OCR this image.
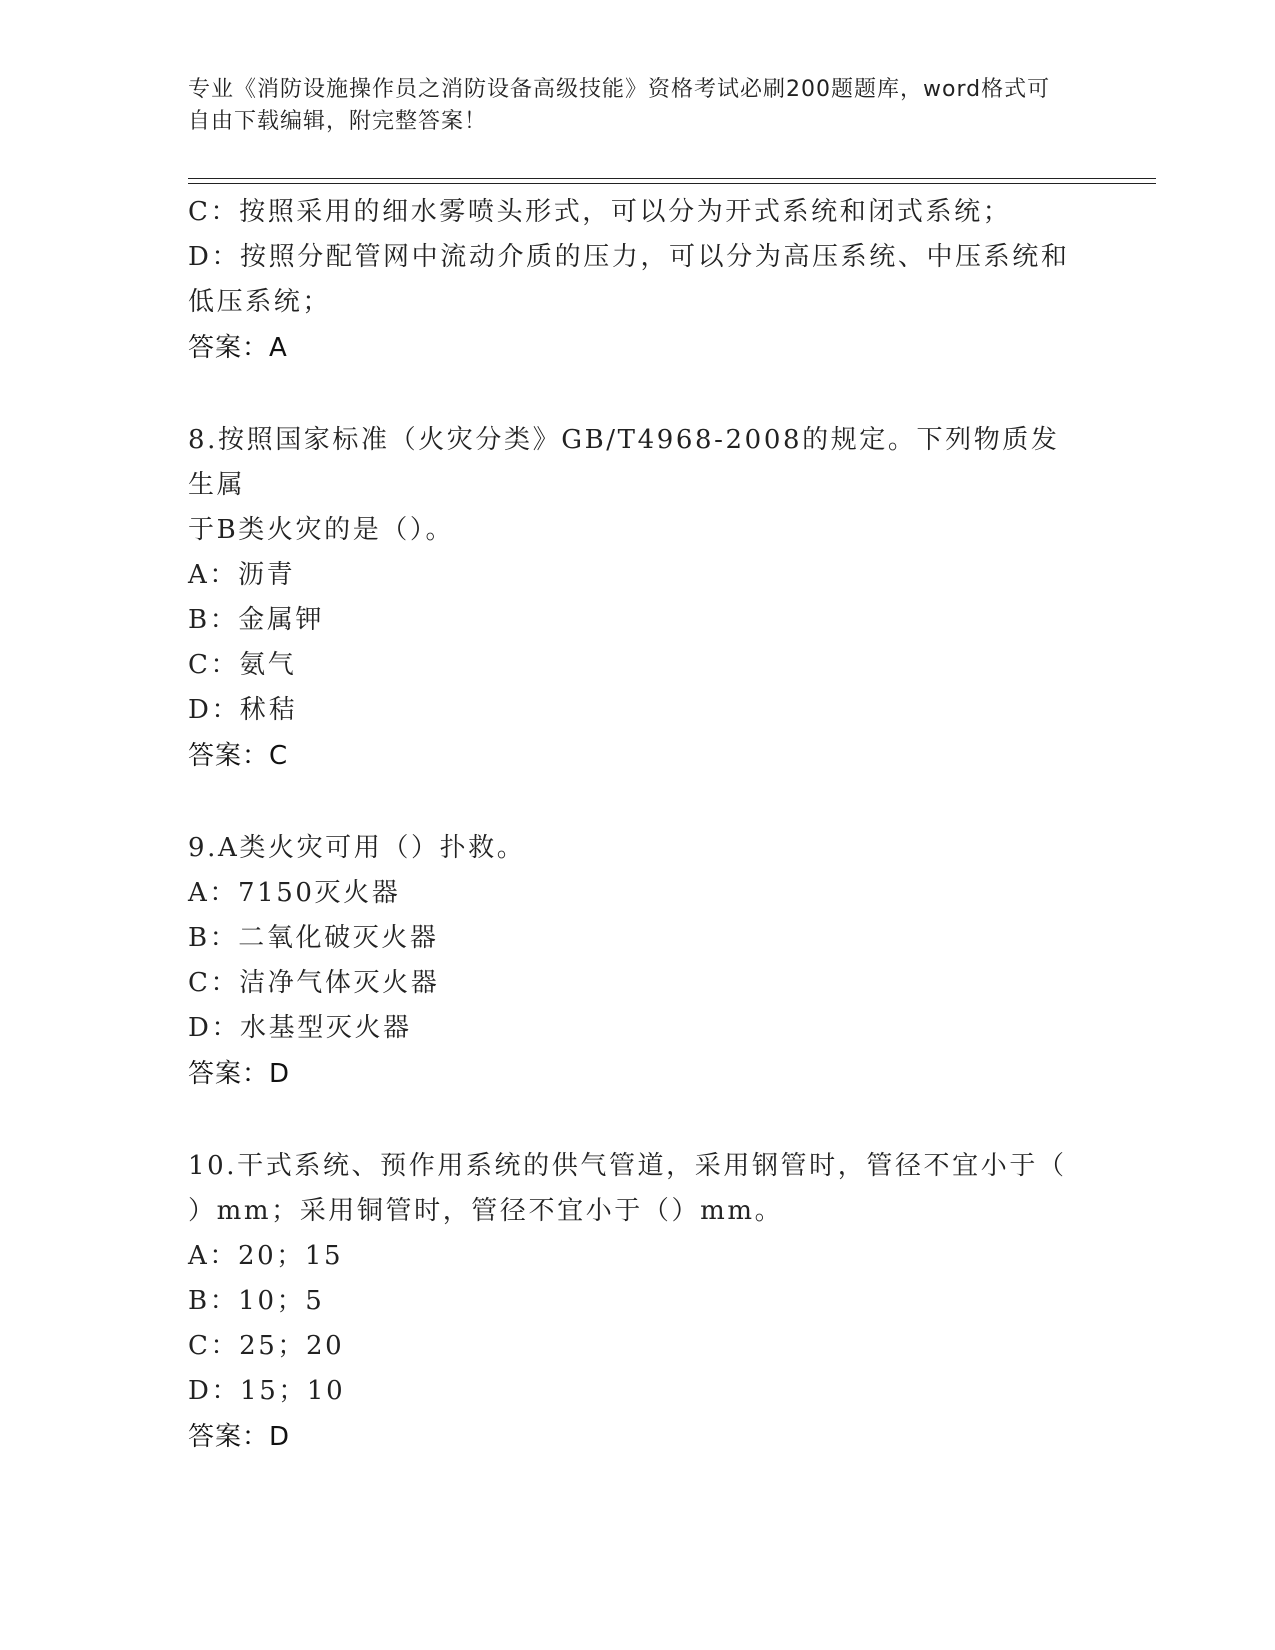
专业《消防设施操作员之消防设备高级技能》资格考试必刷200题题库，word格式可自由下载编辑，附完整答案！
C：按照采用的细水雾喷头形式，可以分为开式系统和闭式系统；
D：按照分配管网中流动介质的压力，可以分为高压系统、中压系统和
低压系统；
答案：A
8.按照国家标准（火灾分类》GB/T4968-2008的规定。下列物质发生属
于B类火灾的是（）。
A：沥青
B：金属钾
C：氨气
D：秫秸
答案：C
9.A类火灾可用（）扑救。
A：7150灭火器
B：二氧化破灭火器
C：洁净气体灭火器
D：水基型灭火器
答案：D
10.干式系统、预作用系统的供气管道，采用钢管时，管径不宜小于（
）mm；采用铜管时，管径不宜小于（）mm。
A：20；15
B：10；5
C：25；20
D：15；10
答案：D
